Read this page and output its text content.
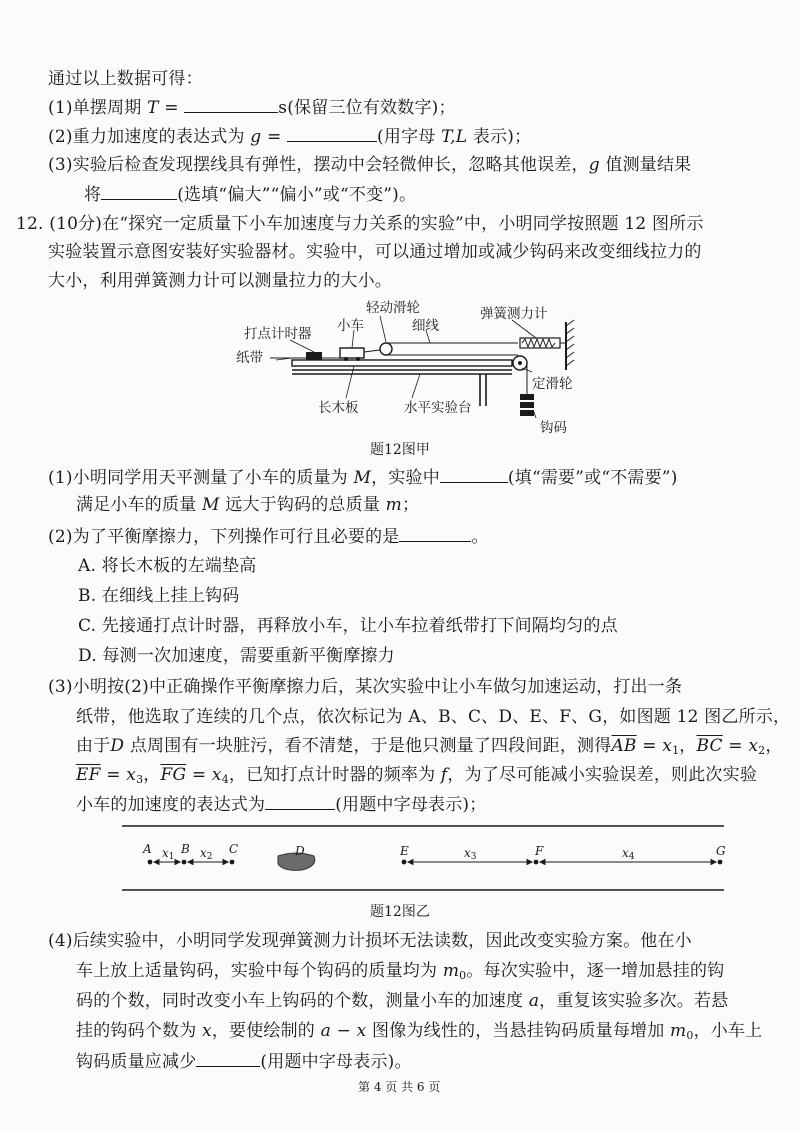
通过以上数据可得：
(1)单摆周期 T =	s(保留三位有效数字)；
(2)重力加速度的表达式为 g =	(用字母 T,L 表示)；
(3)实验后检查发现摆线具有弹性，摆动中会轻微伸长，忽略其他误差，g 值测量结果
将	(选填“偏大”“偏小”或“不变”)。
12. (10分)在“探究一定质量下小车加速度与力关系的实验”中，小明同学按照题 12 图所示
实验装置示意图安装好实验器材。实验中，可以通过增加或减少钩码来改变细线拉力的
大小，利用弹簧测力计可以测量拉力的大小。
轻动滑轮	弹簧测力计
打点计时器 小车	细线
纸带
定滑轮
长木板	水平实验台
钩码
题12图甲
(1)小明同学用天平测量了小车的质量为 M，实验中	(填“需要”或“不需要”)
满足小车的质量 M 远大于钩码的总质量 m；
(2)为了平衡摩擦力，下列操作可行且必要的是	。
A. 将长木板的左端垫高
B. 在细线上挂上钩码
C. 先接通打点计时器，再释放小车，让小车拉着纸带打下间隔均匀的点
D. 每测一次加速度，需要重新平衡摩擦力
(3)小明按(2)中正确操作平衡摩擦力后，某次实验中让小车做匀加速运动，打出一条
纸带，他选取了连续的几个点，依次标记为 A、B、C、D、E、F、G，如图题 12 图乙所示，
由于D 点周围有一块脏污，看不清楚，于是他只测量了四段间距，测得$\overline{AB} = x_1$，$\overline{BC} = x_2$，
$\overline{EF} = x_3$，$\overline{FG} = x_4$，已知打点计时器的频率为 f，为了尽可能减小实验误差，则此次实验
小车的加速度的表达式为	(用题中字母表示)；
A B	C	D	E	F	G
x1 x2	x3	x4
题12图乙
(4)后续实验中，小明同学发现弹簧测力计损坏无法读数，因此改变实验方案。他在小
车上放上适量钩码，实验中每个钩码的质量均为 $m_0$。每次实验中，逐一增加悬挂的钩
码的个数，同时改变小车上钩码的个数，测量小车的加速度 a，重复该实验多次。若悬
挂的钩码个数为 x，要使绘制的 a − x 图像为线性的，当悬挂钩码质量每增加 $m_0$，小车上
钩码质量应减少	(用题中字母表示)。
第 4 页 共 6 页
